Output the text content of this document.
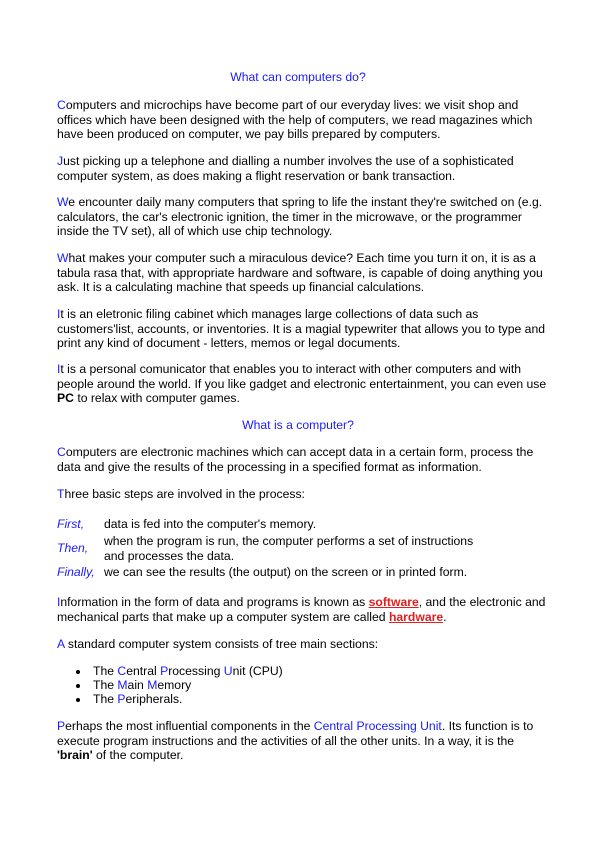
What can computers do?
Computers and microchips have become part of our everyday lives: we visit shop and
offices which have been designed with the help of computers, we read magazines which
have been produced on computer, we pay bills prepared by computers.
Just picking up a telephone and dialling a number involves the use of a sophisticated
computer system, as does making a flight reservation or bank transaction.
We encounter daily many computers that spring to life the instant they're switched on (e.g.
calculators, the car's electronic ignition, the timer in the microwave, or the programmer
inside the TV set), all of which use chip technology.
What makes your computer such a miraculous device? Each time you turn it on, it is as a
tabula rasa that, with appropriate hardware and software, is capable of doing anything you
ask. It is a calculating machine that speeds up financial calculations.
It is an eletronic filing cabinet which manages large collections of data such as
customers'list, accounts, or inventories. It is a magial typewriter that allows you to type and
print any kind of document - letters, memos or legal documents.
It is a personal comunicator that enables you to interact with other computers and with
people around the world. If you like gadget and electronic entertainment, you can even use
PC to relax with computer games.
What is a computer?
Computers are electronic machines which can accept data in a certain form, process the
data and give the results of the processing in a specified format as information.
Three basic steps are involved in the process:
First, data is fed into the computer's memory.
Then, when the program is run, the computer performs a set of instructions
and processes the data.
Finally, we can see the results (the output) on the screen or in printed form.
Information in the form of data and programs is known as software, and the electronic and
mechanical parts that make up a computer system are called hardware.
A standard computer system consists of tree main sections:
The Central Processing Unit (CPU)
The Main Memory
The Peripherals.
Perhaps the most influential components in the Central Processing Unit. Its function is to
execute program instructions and the activities of all the other units. In a way, it is the
'brain' of the computer.
